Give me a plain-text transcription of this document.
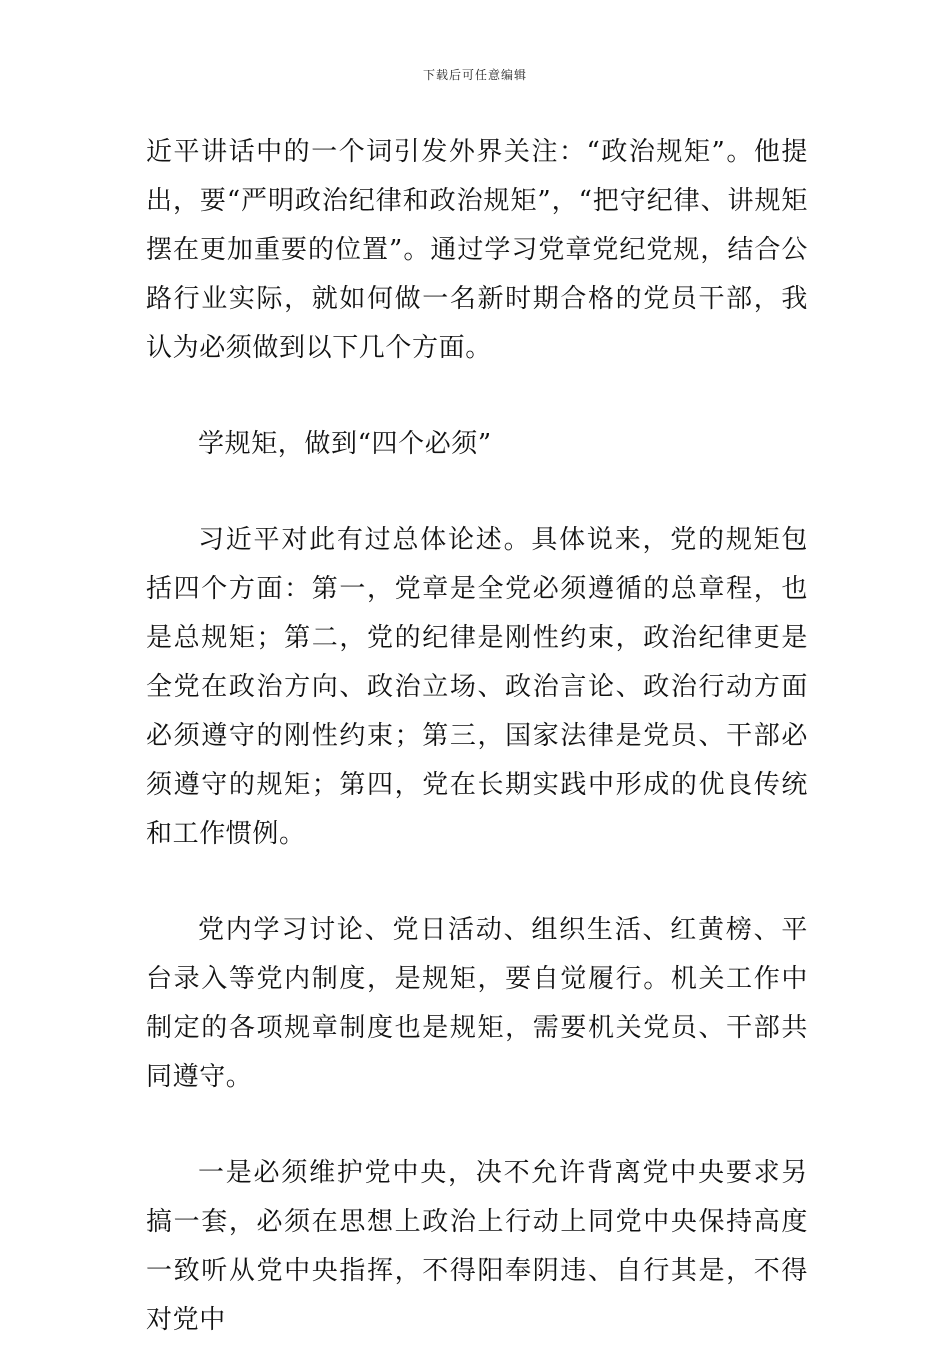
下载后可任意编辑

近平讲话中的一个词引发外界关注：“政治规矩”。他提出，要“严明政治纪律和政治规矩”，“把守纪律、讲规矩摆在更加重要的位置”。通过学习党章党纪党规，结合公路行业实际，就如何做一名新时期合格的党员干部，我认为必须做到以下几个方面。

学规矩，做到“四个必须”

习近平对此有过总体论述。具体说来，党的规矩包括四个方面：第一，党章是全党必须遵循的总章程，也是总规矩；第二，党的纪律是刚性约束，政治纪律更是全党在政治方向、政治立场、政治言论、政治行动方面必须遵守的刚性约束；第三，国家法律是党员、干部必须遵守的规矩；第四，党在长期实践中形成的优良传统和工作惯例。

党内学习讨论、党日活动、组织生活、红黄榜、平台录入等党内制度，是规矩，要自觉履行。机关工作中制定的各项规章制度也是规矩，需要机关党员、干部共同遵守。

一是必须维护党中央，决不允许背离党中央要求另搞一套，必须在思想上政治上行动上同党中央保持高度一致听从党中央指挥，不得阳奉阴违、自行其是，不得对党中
